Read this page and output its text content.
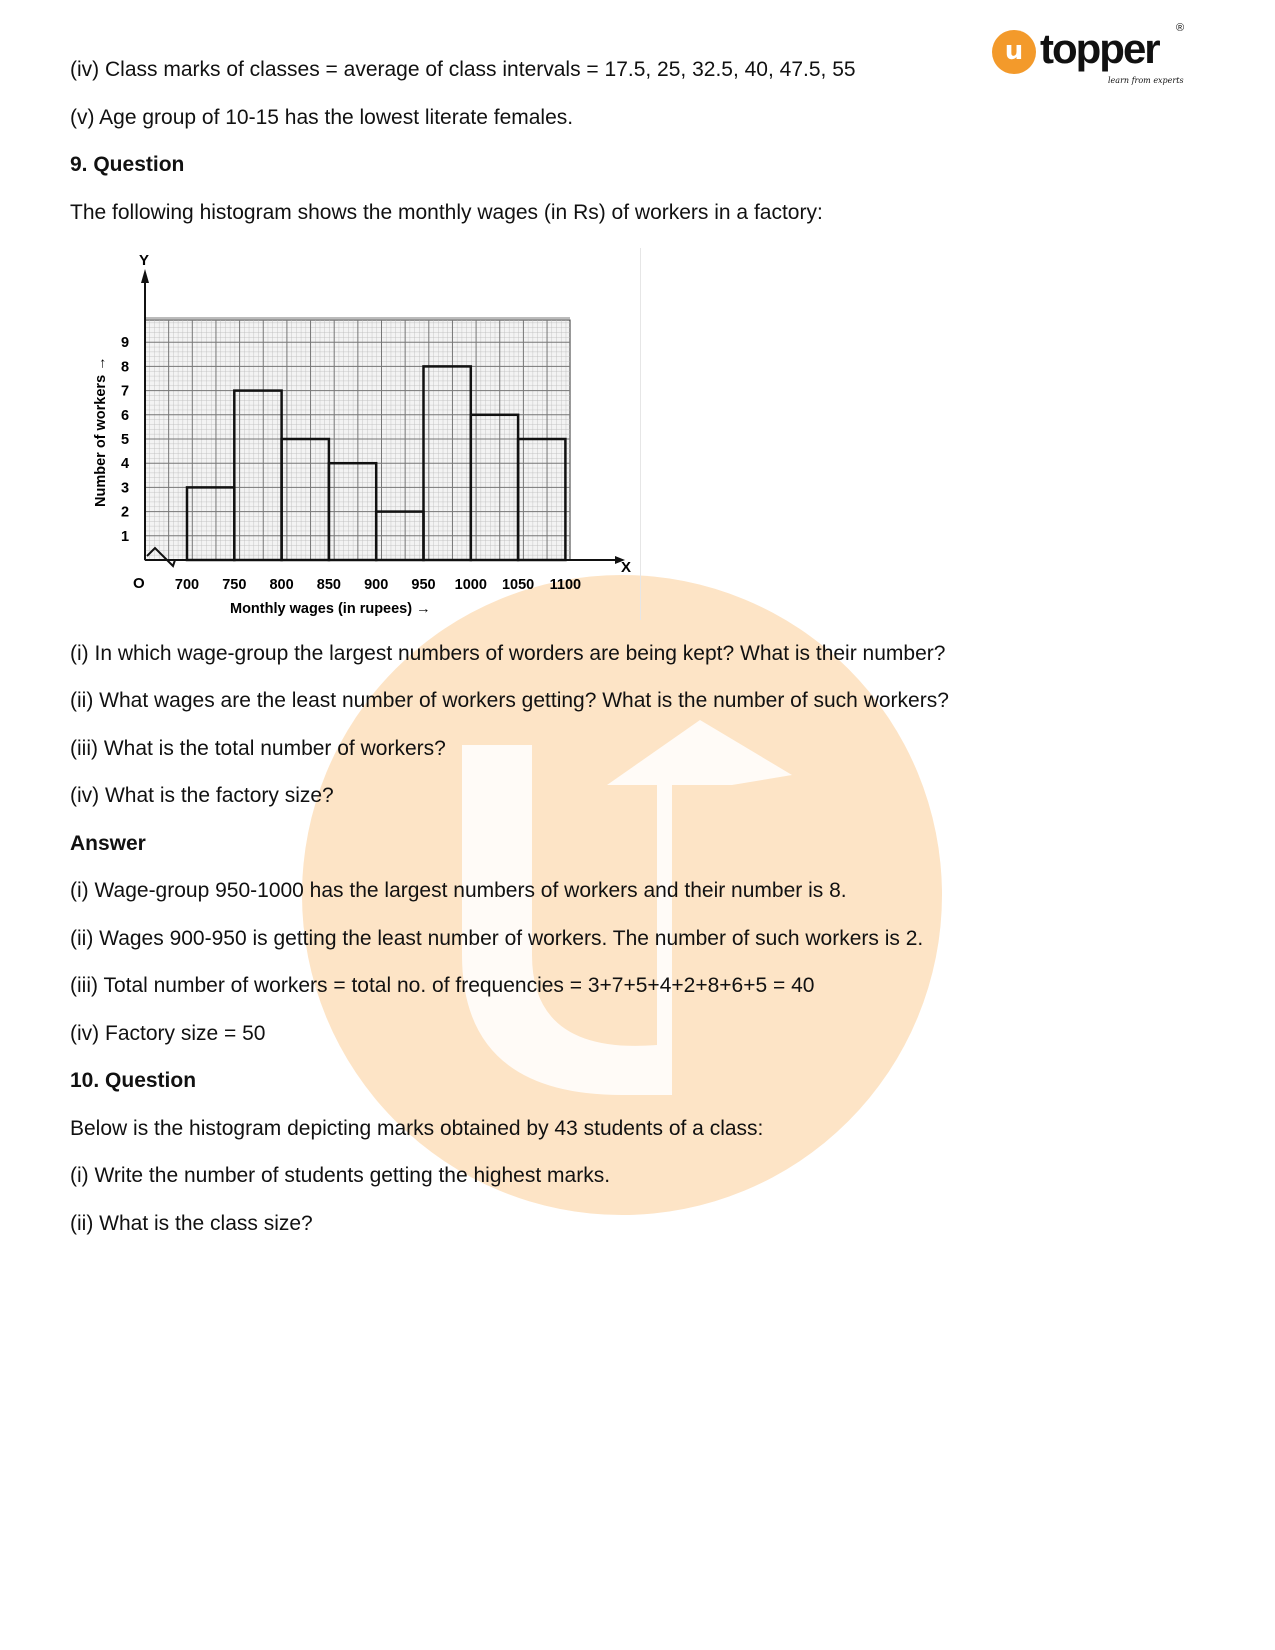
u topper
learn from experts
®
(iv) Class marks of classes = average of class intervals = 17.5, 25, 32.5, 40, 47.5, 55
(v) Age group of 10-15 has the lowest literate females.
9. Question
The following histogram shows the monthly wages (in Rs) of workers in a factory:
X
Y
O 700 750 800 850 900 950 1000 1050 1100
1
2
3
4
5
6
7
8
9
Monthly wages (in rupees) →
Number of workers →
(i) In which wage-group the largest numbers of worders are being kept? What is their number?
(ii) What wages are the least number of workers getting? What is the number of such workers?
(iii) What is the total number of workers?
(iv) What is the factory size?
Answer
(i) Wage-group 950-1000 has the largest numbers of workers and their number is 8.
(ii) Wages 900-950 is getting the least number of workers. The number of such workers is 2.
(iii) Total number of workers = total no. of frequencies = 3+7+5+4+2+8+6+5 = 40
(iv) Factory size = 50
10. Question
Below is the histogram depicting marks obtained by 43 students of a class:
(i) Write the number of students getting the highest marks.
(ii) What is the class size?
